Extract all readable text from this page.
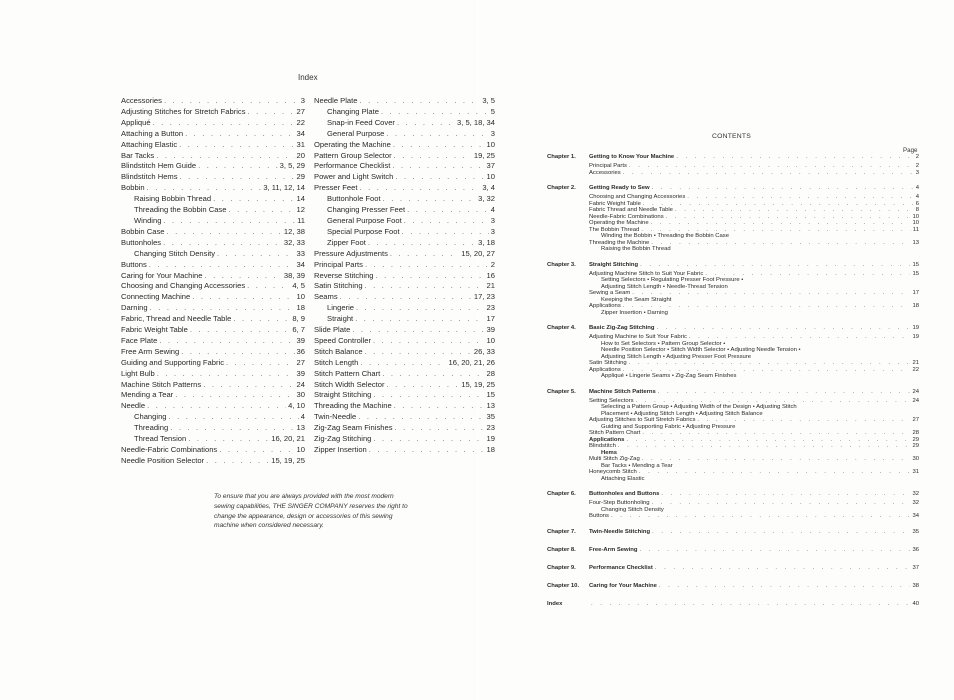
Index
Accessories . . .	3
Adjusting Stitches for Stretch Fabrics . . .	27
Appliqué . . .	22
Attaching a Button . . .	34
Attaching Elastic . . .	31
Bar Tacks . . .	20
Blindstitch Hem Guide . . .	3, 5, 29
Blindstitch Hems . . .	29
Bobbin . . .	3, 11, 12, 14
Raising Bobbin Thread . . .	14
Threading the Bobbin Case . . .	12
Winding . . .	11
Bobbin Case . . .	12, 38
Buttonholes . . .	32, 33
Changing Stitch Density . . .	33
Buttons . . .	34
Caring for Your Machine . . .	38, 39
Choosing and Changing Accessories . . .	4, 5
Connecting Machine . . .	10
Darning . . .	18
Fabric, Thread and Needle Table . . .	8, 9
Fabric Weight Table . . .	6, 7
Face Plate . . .	39
Free Arm Sewing . . .	36
Guiding and Supporting Fabric . . .	27
Light Bulb . . .	39
Machine Stitch Patterns . . .	24
Mending a Tear . . .	30
Needle . . .	4, 10
Changing . . .	4
Threading . . .	13
Thread Tension . . .	16, 20, 21
Needle-Fabric Combinations . . .	10
Needle Position Selector . . .	15, 19, 25
Needle Plate . . .	3, 5
Changing Plate . . .	5
Snap-in Feed Cover . . .	3, 5, 18, 34
General Purpose . . .	3
Operating the Machine . . .	10
Pattern Group Selector . . .	19, 25
Performance Checklist . . .	37
Power and Light Switch . . .	10
Presser Feet . . .	3, 4
Buttonhole Foot . . .	3, 32
Changing Presser Feet . . .	4
General Purpose Foot . . .	3
Special Purpose Foot . . .	3
Zipper Foot . . .	3, 18
Pressure Adjustments . . .	15, 20, 27
Principal Parts . . .	2
Reverse Stitching . . .	16
Satin Stitching . . .	21
Seams . . .	17, 23
Lingerie . . .	23
Straight . . .	17
Slide Plate . . .	39
Speed Controller . . .	10
Stitch Balance . . .	26, 33
Stitch Length . . .	16, 20, 21, 26
Stitch Pattern Chart . . .	28
Stitch Width Selector . . .	15, 19, 25
Straight Stitching . . .	15
Threading the Machine . . .	13
Twin-Needle . . .	35
Zig-Zag Seam Finishes . . .	23
Zig-Zag Stitching . . .	19
Zipper Insertion . . .	18
To ensure that you are always provided with the most modern sewing capabilities, THE SINGER COMPANY reserves the right to change the appearance, design or accessories of this sewing machine when considered necessary.
CONTENTS
Page
Chapter 1.	Getting to Know Your Machine . . .	2
Principal Parts . . .	2
Accessories . . .	3
Chapter 2.	Getting Ready to Sew . . .	4
Choosing and Changing Accessories . . .	4
Fabric Weight Table . . .	6
Fabric Thread and Needle Table . . .	8
Needle-Fabric Combinations . . .	10
Operating the Machine . . .	10
The Bobbin Thread . . .	11
Winding the Bobbin • Threading the Bobbin Case
Threading the Machine . . .	13
Raising the Bobbin Thread
Chapter 3.	Straight Stitching . . .	15
Adjusting Machine Stitch to Suit Your Fabric . . .	15
Setting Selectors • Regulating Presser Foot Pressure •
Adjusting Stitch Length • Needle-Thread Tension
Sewing a Seam . . .	17
Keeping the Seam Straight
Applications . . .	18
Zipper Insertion • Darning
Chapter 4.	Basic Zig-Zag Stitching . . .	19
Adjusting Machine to Suit Your Fabric . . .	19
How to Set Selectors • Pattern Group Selector •
Needle Position Selector • Stitch Width Selector • Adjusting Needle Tension •
Adjusting Stitch Length • Adjusting Presser Foot Pressure
Satin Stitching . . .	21
Applications . . .	22
Appliqué • Lingerie Seams • Zig-Zag Seam Finishes
Chapter 5.	Machine Stitch Patterns . . .	24
Setting Selectors . . .	24
Selecting a Pattern Group • Adjusting Width of the Design • Adjusting Stitch
Placement • Adjusting Stitch Length • Adjusting Stitch Balance
Adjusting Stitches to Suit Stretch Fabrics . . .	27
Guiding and Supporting Fabric • Adjusting Pressure
Stitch Pattern Chart . . .	28
Applications . . .	29
Blindstitch . . .	29
Hems
Multi Stitch Zig-Zag . . .	30
Bar Tacks • Mending a Tear
Honeycomb Stitch . . .	31
Attaching Elastic
Chapter 6.	Buttonholes and Buttons . . .	32
Four-Step Buttonholing . . .	32
Changing Stitch Density
Buttons . . .	34
Chapter 7.	Twin-Needle Stitching . . .	35
Chapter 8.	Free-Arm Sewing . . .	36
Chapter 9.	Performance Checklist . . .	37
Chapter 10.	Caring for Your Machine . . .	38
Index . . .	40
